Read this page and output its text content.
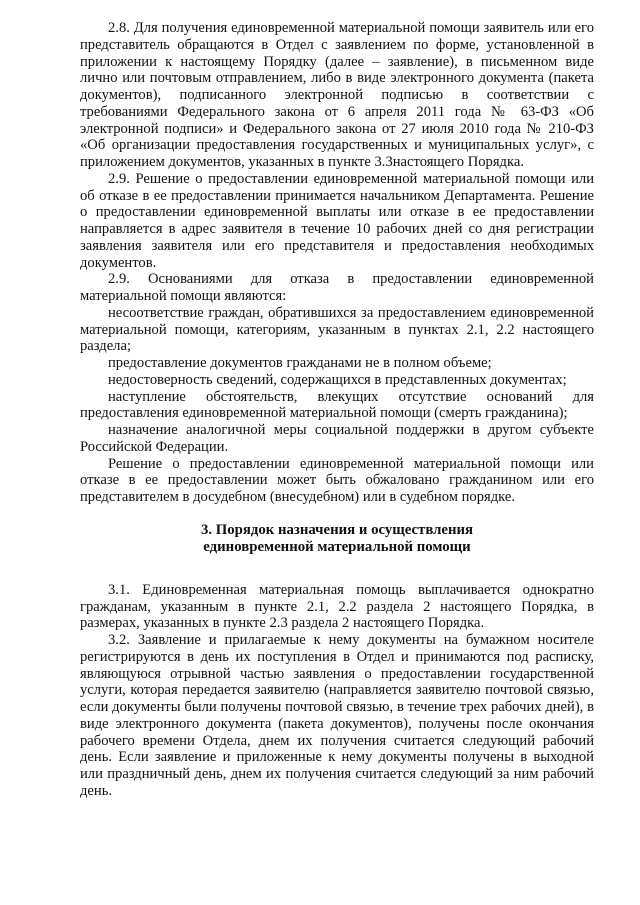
2.8. Для получения единовременной материальной помощи заявитель или его представитель обращаются в Отдел с заявлением по форме, установленной в приложении к настоящему Порядку (далее – заявление), в письменном виде лично или почтовым отправлением, либо в виде электронного документа (пакета документов), подписанного электронной подписью в соответствии с требованиями Федерального закона от 6 апреля 2011 года № 63-ФЗ «Об электронной подписи» и Федерального закона от 27 июля 2010 года № 210-ФЗ «Об организации предоставления государственных и муниципальных услуг», с приложением документов, указанных в пункте 3.3настоящего Порядка.

2.9. Решение о предоставлении единовременной материальной помощи или об отказе в ее предоставлении принимается начальником Департамента. Решение о предоставлении единовременной выплаты или отказе в ее предоставлении направляется в адрес заявителя в течение 10 рабочих дней со дня регистрации заявления заявителя или его представителя и предоставления необходимых документов.

2.9. Основаниями для отказа в предоставлении единовременной материальной помощи являются:

несоответствие граждан, обратившихся за предоставлением единовременной материальной помощи, категориям, указанным в пунктах 2.1, 2.2 настоящего раздела;

предоставление документов гражданами не в полном объеме;

недостоверность сведений, содержащихся в представленных документах;

наступление обстоятельств, влекущих отсутствие оснований для предоставления единовременной материальной помощи (смерть гражданина);

назначение аналогичной меры социальной поддержки в другом субъекте Российской Федерации.

Решение о предоставлении единовременной материальной помощи или отказе в ее предоставлении может быть обжаловано гражданином или его представителем в досудебном (внесудебном) или в судебном порядке.

3. Порядок назначения и осуществления

единовременной материальной помощи

3.1. Единовременная материальная помощь выплачивается однократно гражданам, указанным в пункте 2.1, 2.2 раздела 2 настоящего Порядка, в размерах, указанных в пункте 2.3 раздела 2 настоящего Порядка.

3.2. Заявление и прилагаемые к нему документы на бумажном носителе регистрируются в день их поступления в Отдел и принимаются под расписку, являющуюся отрывной частью заявления о предоставлении государственной услуги, которая передается заявителю (направляется заявителю почтовой связью, если документы были получены почтовой связью, в течение трех рабочих дней), в виде электронного документа (пакета документов), получены после окончания рабочего времени Отдела, днем их получения считается следующий рабочий день. Если заявление и приложенные к нему документы получены в выходной или праздничный день, днем их получения считается следующий за ним рабочий день.
